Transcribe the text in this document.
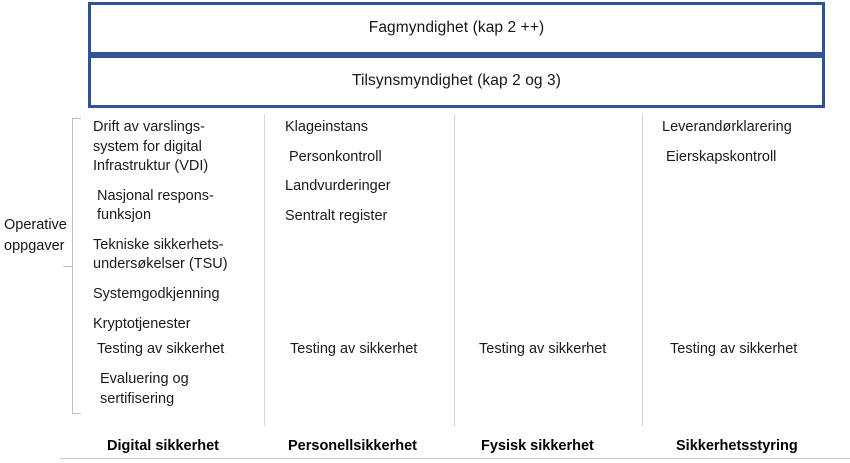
Fagmyndighet (kap 2 ++)
Tilsynsmyndighet (kap 2 og 3)
Operative
oppgaver
Drift av varslings-
system for digital
Infrastruktur (VDI)
Nasjonal respons-
funksjon
Tekniske sikkerhets-
undersøkelser (TSU)
Systemgodkjenning
Kryptotjenester
Klageinstans
Personkontroll
Landvurderinger
Sentralt register
Leverandørklarering
Eierskapskontroll
Testing av sikkerhet	Testing av sikkerhet	Testing av sikkerhet	Testing av sikkerhet
Evaluering og
sertifisering
Digital sikkerhet	Personellsikkerhet	Fysisk sikkerhet	Sikkerhetsstyring
